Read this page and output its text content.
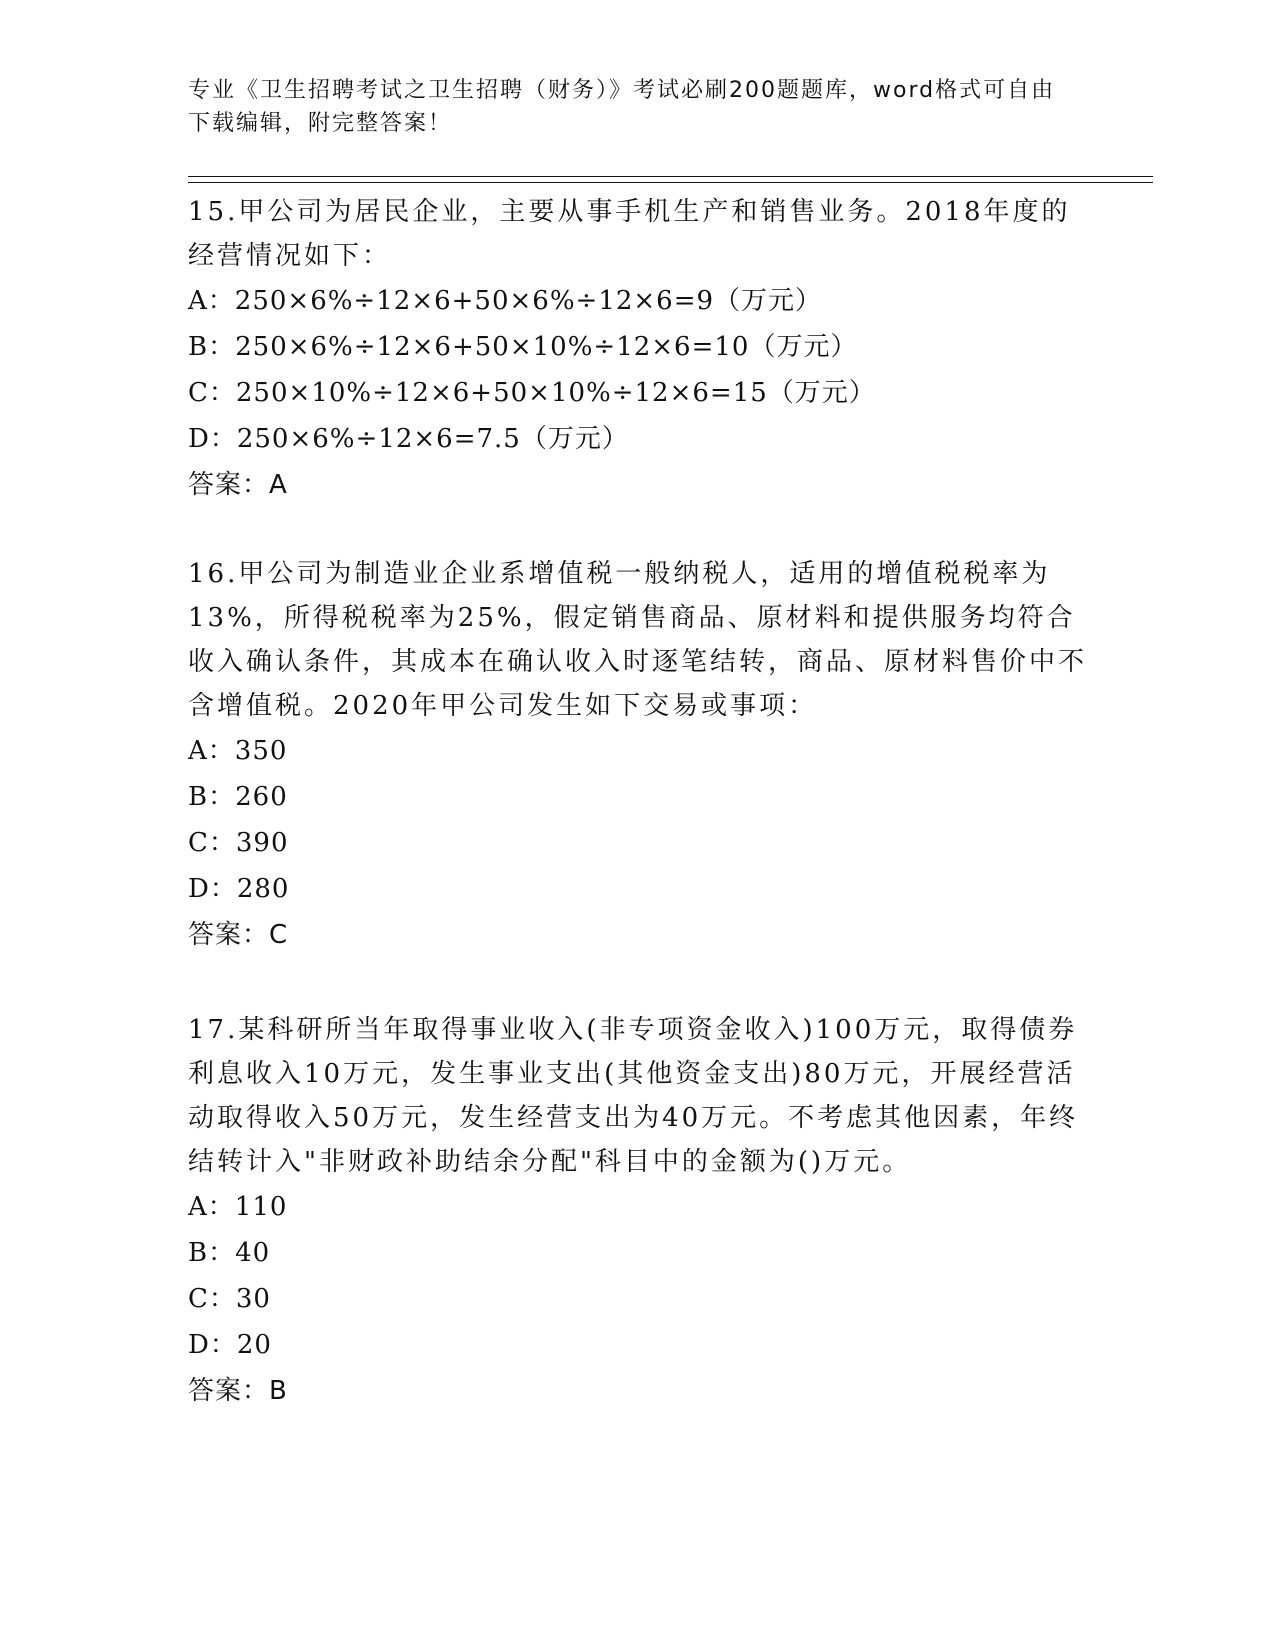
专业《卫生招聘考试之卫生招聘（财务）》考试必刷200题题库，word格式可自由下载编辑，附完整答案！

15.甲公司为居民企业，主要从事手机生产和销售业务。2018年度的经营情况如下：

A：250×6%÷12×6+50×6%÷12×6=9（万元）

B：250×6%÷12×6+50×10%÷12×6=10（万元）

C：250×10%÷12×6+50×10%÷12×6=15（万元）

D：250×6%÷12×6=7.5（万元）

答案：A

16.甲公司为制造业企业系增值税一般纳税人，适用的增值税税率为13%，所得税税率为25%，假定销售商品、原材料和提供服务均符合收入确认条件，其成本在确认收入时逐笔结转，商品、原材料售价中不含增值税。2020年甲公司发生如下交易或事项：

A：350

B：260

C：390

D：280

答案：C

17.某科研所当年取得事业收入(非专项资金收入)100万元，取得债券利息收入10万元，发生事业支出(其他资金支出)80万元，开展经营活动取得收入50万元，发生经营支出为40万元。不考虑其他因素，年终结转计入"非财政补助结余分配"科目中的金额为()万元。

A：110

B：40

C：30

D：20

答案：B
